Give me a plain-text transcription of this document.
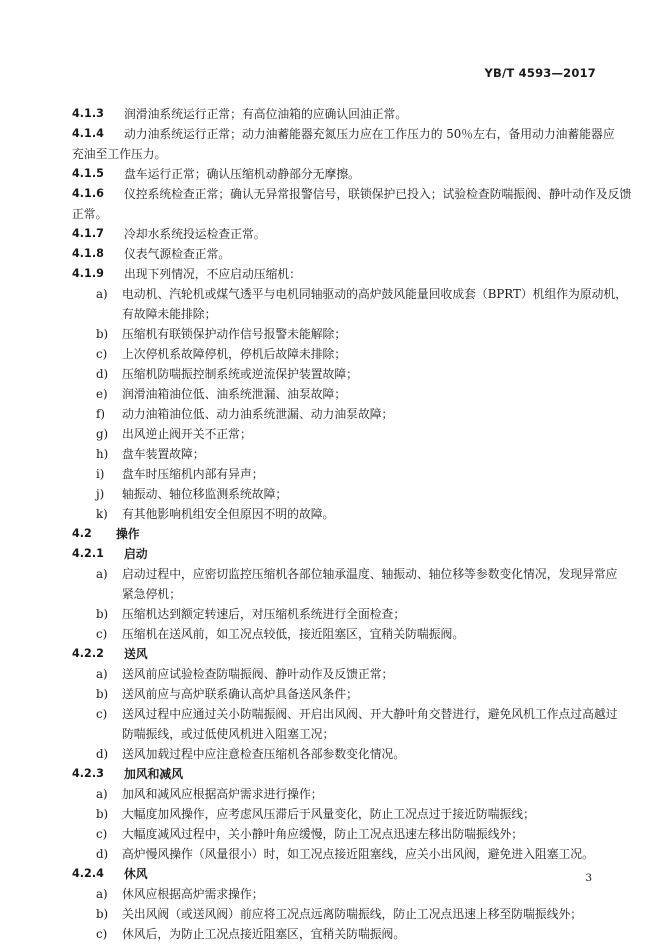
YB/T 4593—2017
4.1.3 润滑油系统运行正常；有高位油箱的应确认回油正常。
4.1.4 动力油系统运行正常；动力油蓄能器充氮压力应在工作压力的 50％左右，备用动力油蓄能器应
充油至工作压力。
4.1.5 盘车运行正常；确认压缩机动静部分无摩擦。
4.1.6 仪控系统检查正常；确认无异常报警信号，联锁保护已投入；试验检查防喘振阀、静叶动作及反馈
正常。
4.1.7 冷却水系统投运检查正常。
4.1.8 仪表气源检查正常。
4.1.9 出现下列情况，不应启动压缩机：
a) 电动机、汽轮机或煤气透平与电机同轴驱动的高炉鼓风能量回收成套（BPRT）机组作为原动机，
有故障未能排除；
b) 压缩机有联锁保护动作信号报警未能解除；
c) 上次停机系故障停机，停机后故障未排除；
d) 压缩机防喘振控制系统或逆流保护装置故障；
e) 润滑油箱油位低、油系统泄漏、油泵故障；
f) 动力油箱油位低、动力油系统泄漏、动力油泵故障；
g) 出风逆止阀开关不正常；
h) 盘车装置故障；
i) 盘车时压缩机内部有异声；
j) 轴振动、轴位移监测系统故障；
k) 有其他影响机组安全但原因不明的故障。
4.2 操作
4.2.1 启动
a) 启动过程中，应密切监控压缩机各部位轴承温度、轴振动、轴位移等参数变化情况，发现异常应
紧急停机；
b) 压缩机达到额定转速后，对压缩机系统进行全面检查；
c) 压缩机在送风前，如工况点较低，接近阻塞区，宜稍关防喘振阀。
4.2.2 送风
a) 送风前应试验检查防喘振阀、静叶动作及反馈正常；
b) 送风前应与高炉联系确认高炉具备送风条件；
c) 送风过程中应通过关小防喘振阀、开启出风阀、开大静叶角交替进行，避免风机工作点过高越过
防喘振线，或过低使风机进入阻塞工况；
d) 送风加载过程中应注意检查压缩机各部参数变化情况。
4.2.3 加风和减风
a) 加风和减风应根据高炉需求进行操作；
b) 大幅度加风操作，应考虑风压滞后于风量变化，防止工况点过于接近防喘振线；
c) 大幅度减风过程中，关小静叶角应缓慢，防止工况点迅速左移出防喘振线外；
d) 高炉慢风操作（风量很小）时，如工况点接近阻塞线，应关小出风阀，避免进入阻塞工况。
4.2.4 休风
a) 休风应根据高炉需求操作；
b) 关出风阀（或送风阀）前应将工况点远离防喘振线，防止工况点迅速上移至防喘振线外；
c) 休风后，为防止工况点接近阻塞区，宜稍关防喘振阀。
3
